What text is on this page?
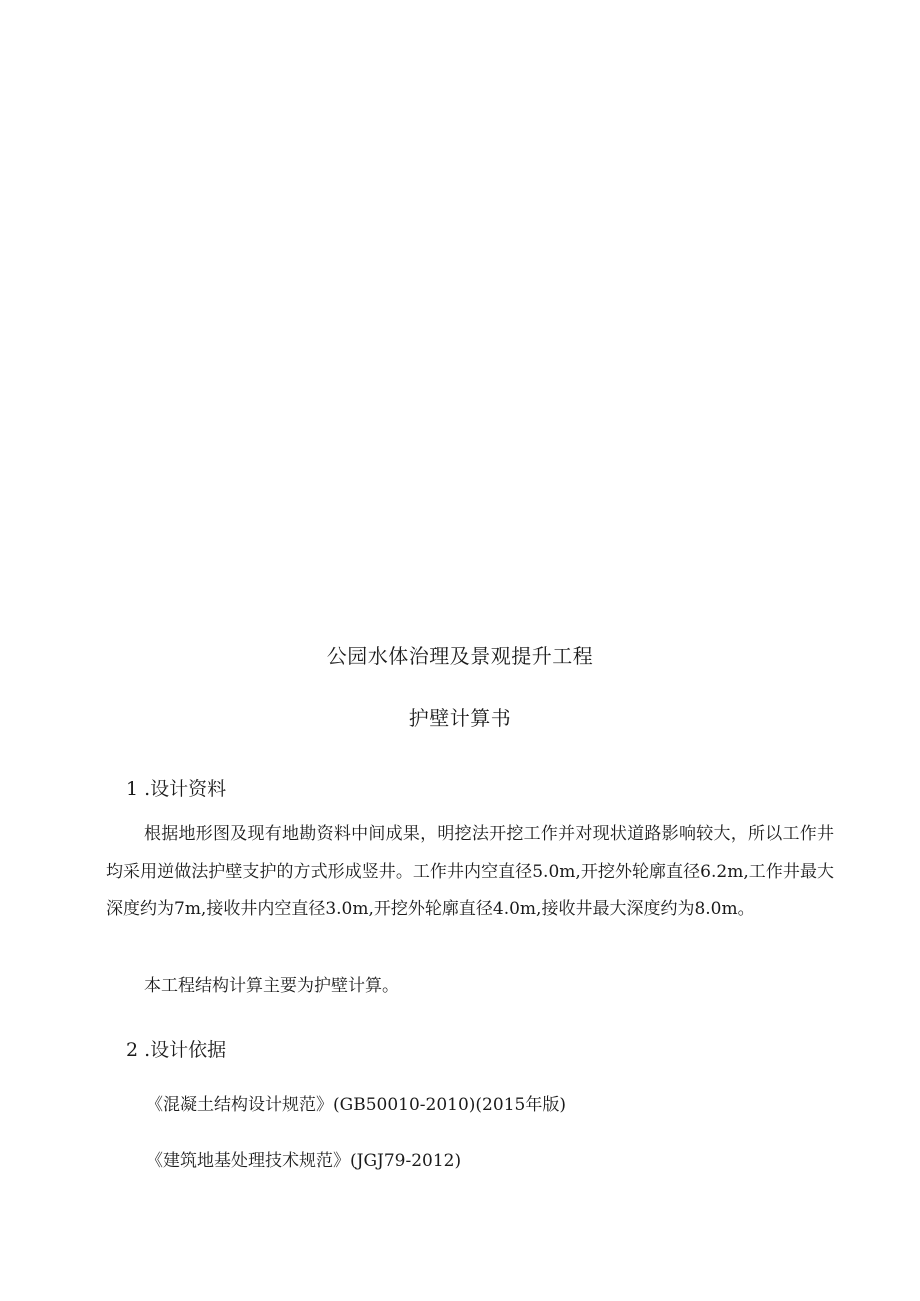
公园水体治理及景观提升工程
护壁计算书
1 .设计资料
根据地形图及现有地勘资料中间成果，明挖法开挖工作并对现状道路影响较大，所以工作井均采用逆做法护壁支护的方式形成竖井。工作井内空直径5.0m,开挖外轮廓直径6.2m,工作井最大深度约为7m,接收井内空直径3.0m,开挖外轮廓直径4.0m,接收井最大深度约为8.0m。
本工程结构计算主要为护壁计算。
2 .设计依据
《混凝土结构设计规范》(GB50010-2010)(2015年版)
《建筑地基处理技术规范》(JGJ79-2012)
